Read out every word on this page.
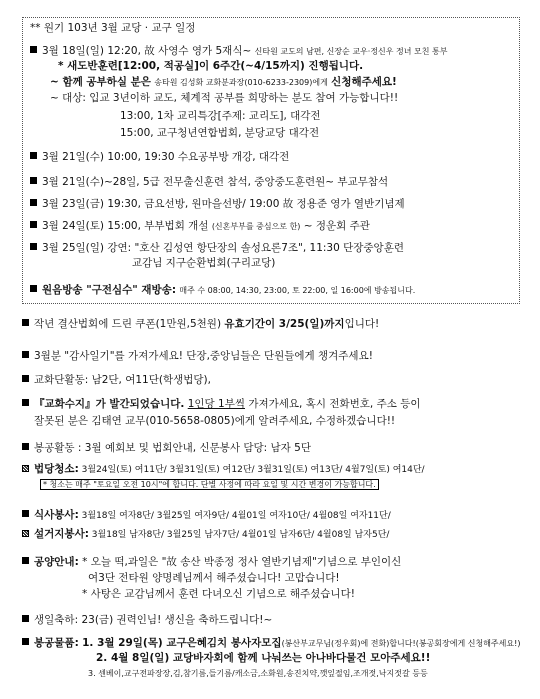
** 원기 103년 3월 교당 · 교구 일정
3월 18일(일) 12:20, 故 사영수 영가 5재식~ 신타원 교도의 남편, 신장순 교우·정신우 정녀 모친 통부
* 새도반훈련[12:00, 적공실]이 6주간(~4/15까지) 진행됩니다.
~ 함께 공부하실 분은 송타원 김성화 교화분과장(010-6233-2309)에게 신청해주세요!
~ 대상: 입교 3년이하 교도, 체계적 공부를 희망하는 분도 참여 가능합니다!!
13:00, 1차 교리특강[주제: 교리도], 대각전
15:00, 교구청년연합법회, 분당교당 대각전
3월 21일(수) 10:00, 19:30 수요공부방 개강, 대각전
3월 21일(수)~28일, 5급 전무출신훈련 참석, 중앙중도훈련원~ 부교무참석
3월 23일(금) 19:30, 금요선방, 원마을선방/ 19:00 故 정용준 영가 열반기념제
3월 24일(토) 15:00, 부부법회 개설 (신혼부부를 중심으로 한) ~ 정운회 주관
3월 25일(일) 강연: "호산 김성연 항단장의 솔성요론7조", 11:30 단장중앙훈련
교감님 지구순환법회(구리교당)
원음방송 "구전심수" 재방송: 매주 수 08:00, 14:30, 23:00, 토 22:00, 일 16:00에 방송됩니다.
작년 결산법회에 드린 쿠폰(1만원,5천원) 유효기간이 3/25(일)까지입니다!
3월분 "감사일기"를 가져가세요! 단장,중앙님들은 단원들에게 챙겨주세요!
교화단활동: 남2단, 여11단(학생법당),
『교화수지』가 발간되었습니다. 1인당 1부씩 가져가세요, 혹시 전화번호, 주소 등이
잘못된 분은 김태연 교무(010-5658-0805)에게 알려주세요, 수정하겠습니다!!
봉공활동 : 3월 예회보 및 법회안내, 신문봉사 담당: 남자 5단
법당청소: 3월24일(토) 여11단/ 3월31일(토) 여12단/ 3월31일(토) 여13단/ 4월7일(토) 여14단/
* 청소는 매주 "토요일 오전 10시"에 합니다. 단별 사정에 따라 요일 및 시간 변경이 가능합니다.
식사봉사: 3월18일 여자8단/ 3월25일 여자9단/ 4월01일 여자10단/ 4월08일 여자11단/
설거지봉사: 3월18일 남자8단/ 3월25일 남자7단/ 4월01일 남자6단/ 4월08일 남자5단/
공양안내: * 오늘 떡,과일은 "故 송산 박종정 정사 열반기념제"기념으로 부인이신
여3단 전타원 양명례님께서 해주셨습니다! 고맙습니다!
* 사탕은 교감님께서 훈련 다녀오신 기념으로 해주셨습니다!
생일축하: 23(금) 권력인님! 생신을 축하드립니다!~
봉공물품: 1. 3월 29일(목) 교구은혜김치 봉사자모집(봉산부교무님(정우회)에 전화)합니다!(봉공회장에게 신청해주세요!)
2. 4월 8일(일) 교당바자회에 함께 나눠쓰는 아나바다물건 모아주세요!!
3. 센베이,교구전파장장,김,참기름,들기름/캐소금,소화원,송진치약,깻잎절임,조개젓,낙지젓갈 등등
